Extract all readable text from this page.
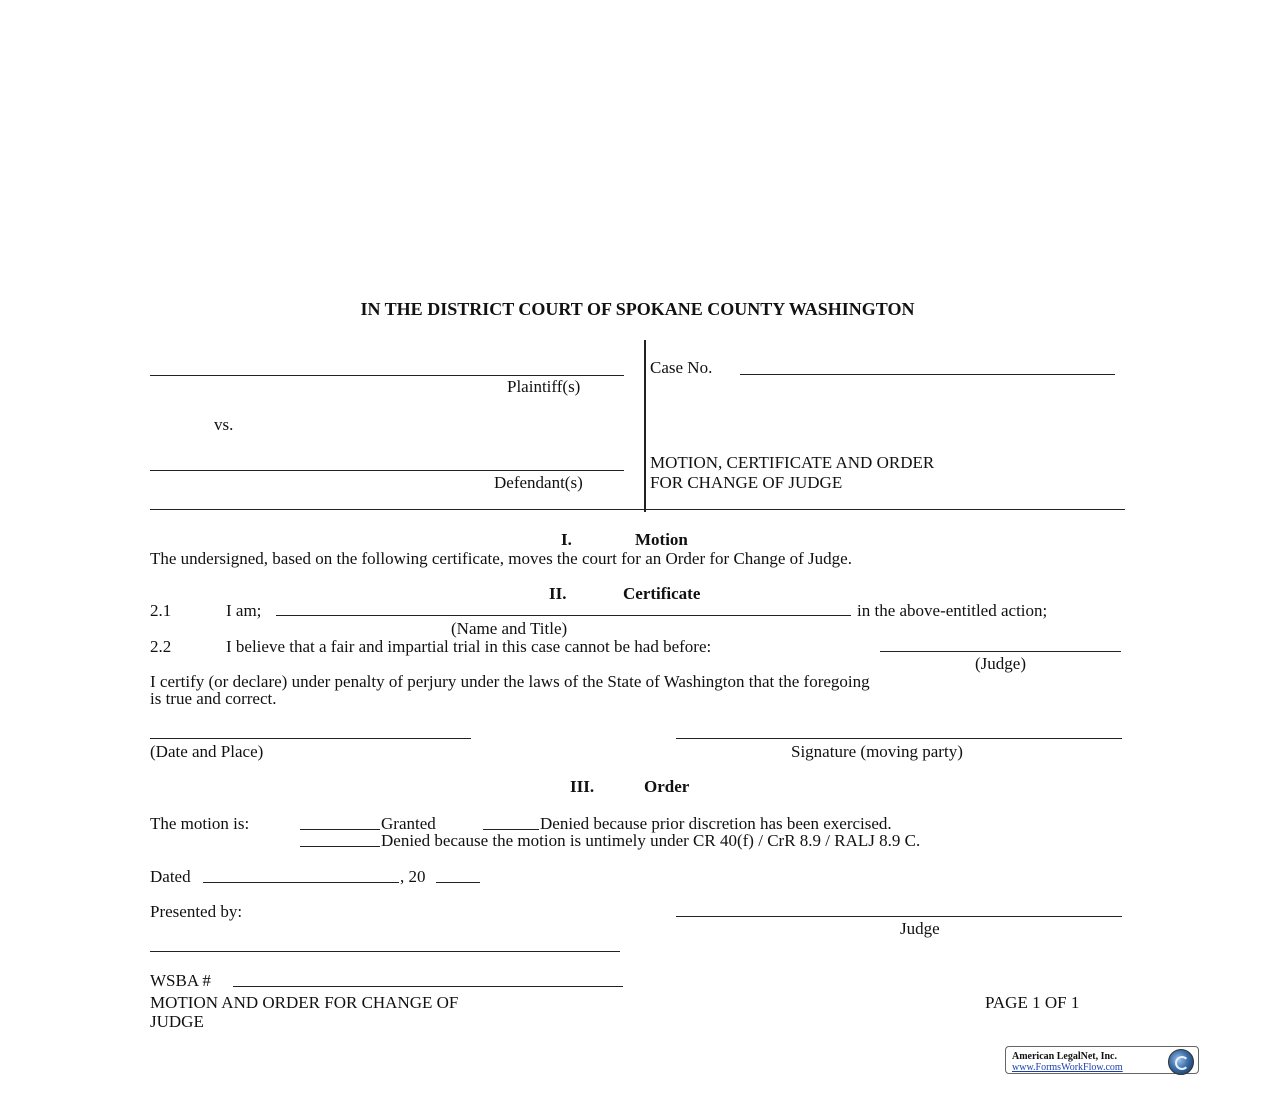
IN THE DISTRICT COURT OF SPOKANE COUNTY WASHINGTON
Plaintiff(s)
vs.
Defendant(s)
Case No.
MOTION, CERTIFICATE AND ORDER
FOR CHANGE OF JUDGE
I.	Motion
The undersigned, based on the following certificate, moves the court for an Order for Change of Judge.
II.	Certificate
2.1	I am;	in the above-entitled action;
(Name and Title)
2.2	I believe that a fair and impartial trial in this case cannot be had before:
(Judge)
I certify (or declare) under penalty of perjury under the laws of the State of Washington that the foregoing
is true and correct.
(Date and Place)	Signature (moving party)
III.	Order
The motion is:	Granted	Denied because prior discretion has been exercised.
Denied because the motion is untimely under CR 40(f) / CrR 8.9 / RALJ 8.9 C.
Dated	, 20
Presented by:
Judge
WSBA #
MOTION AND ORDER FOR CHANGE OF
JUDGE
PAGE 1 OF 1
American LegalNet, Inc.
www.FormsWorkFlow.com
